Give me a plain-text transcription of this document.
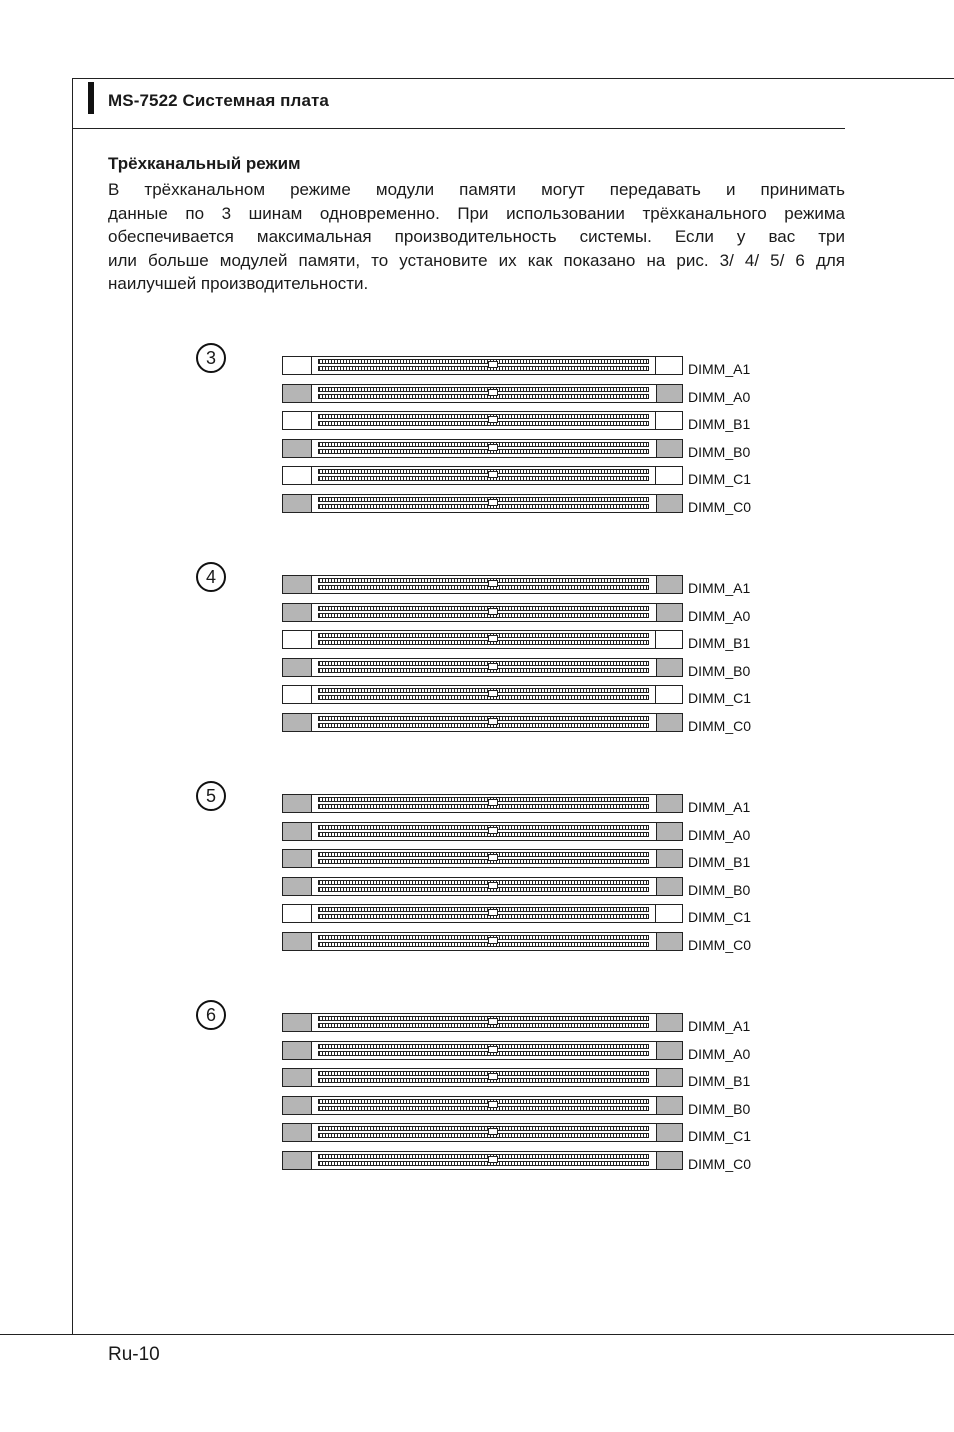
MS-7522 Системная плата
Трёхканальный режим
В трёхканальном режиме модули памяти могут передавать и принимать
данные по 3 шинам одновременно. При использовании трёхканального режима
обеспечивается максимальная производительность системы. Если у вас три
или больше модулей памяти, то установите их как показано на рис. 3/ 4/ 5/ 6 для
наилучшей производительности.
3
DIMM_A1
DIMM_A0
DIMM_B1
DIMM_B0
DIMM_C1
DIMM_C0
4
DIMM_A1
DIMM_A0
DIMM_B1
DIMM_B0
DIMM_C1
DIMM_C0
5
DIMM_A1
DIMM_A0
DIMM_B1
DIMM_B0
DIMM_C1
DIMM_C0
6
DIMM_A1
DIMM_A0
DIMM_B1
DIMM_B0
DIMM_C1
DIMM_C0
Ru-10
